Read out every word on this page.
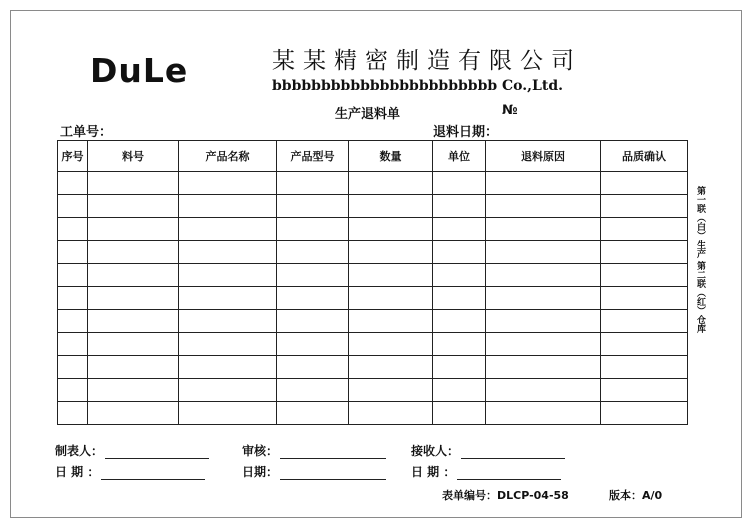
DuLe	某某精密制造有限公司
bbbbbbbbbbbbbbbbbbbbbbb Co.,Ltd.
生产退料单	№
工单号：	退料日期：
序号	料号	产品名称	产品型号	数量	单位	退料原因	品质确认

第一联（白）生产 第二联（红）仓库
制表人：	审核：	接收人：
日 期 ：	日期：	日 期 ：
表单编号：DLCP-04-58	版本：A/0
